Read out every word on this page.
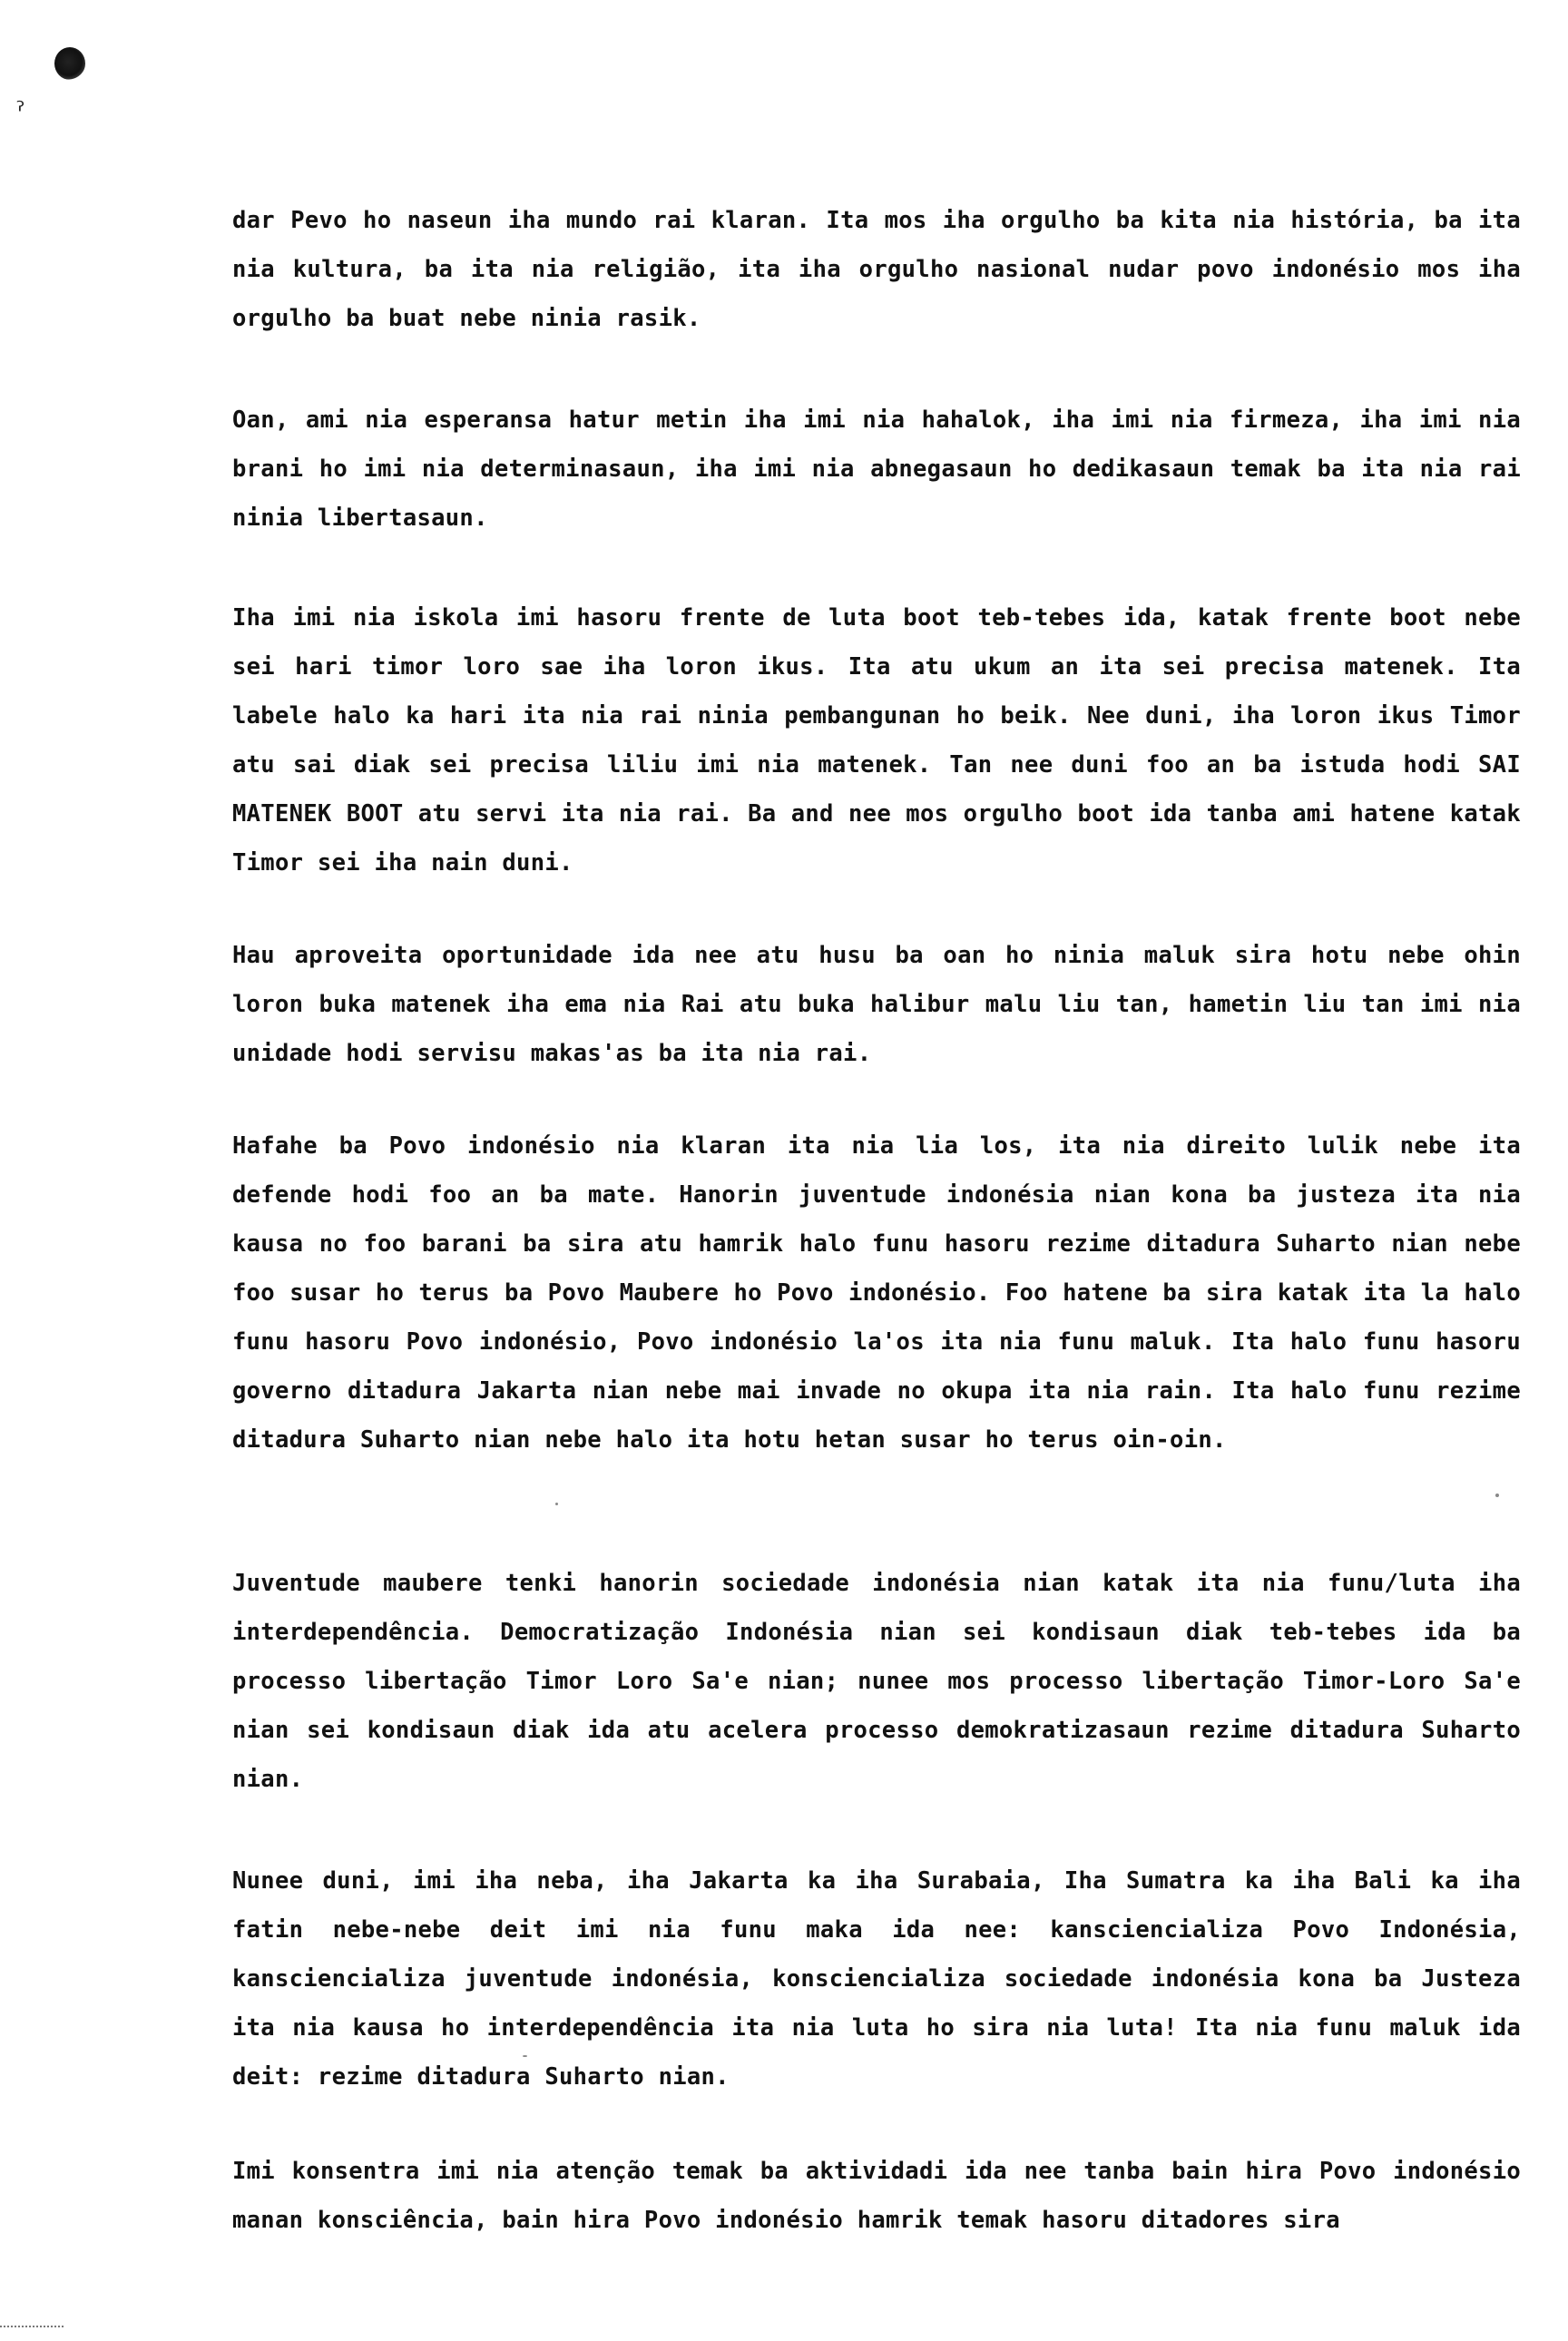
ˀ

dar Pevo ho naseun iha mundo rai klaran. Ita mos iha orgulho ba kita nia história, ba ita nia kultura, ba ita nia religião, ita iha orgulho nasional nudar povo indonésio mos iha orgulho ba buat nebe ninia rasik.

Oan, ami nia esperansa hatur metin iha imi nia hahalok, iha imi nia firmeza, iha imi nia brani ho imi nia determinasaun, iha imi nia abnegasaun ho dedikasaun temak ba ita nia rai ninia libertasaun.

Iha imi nia iskola imi hasoru frente de luta boot teb-tebes ida, katak frente boot nebe sei hari timor loro sae iha loron ikus. Ita atu ukum an ita sei precisa matenek. Ita labele halo ka hari ita nia rai ninia pembangunan ho beik. Nee duni, iha loron ikus Timor atu sai diak sei precisa liliu imi nia matenek. Tan nee duni foo an ba istuda hodi SAI MATENEK BOOT atu servi ita nia rai. Ba and nee mos orgulho boot ida tanba ami hatene katak Timor sei iha nain duni.

Hau aproveita oportunidade ida nee atu husu ba oan ho ninia maluk sira hotu nebe ohin loron buka matenek iha ema nia Rai atu buka halibur malu liu tan, hametin liu tan imi nia unidade hodi servisu makas'as ba ita nia rai.

Hafahe ba Povo indonésio nia klaran ita nia lia los, ita nia direito lulik nebe ita defende hodi foo an ba mate. Hanorin juventude indonésia nian kona ba justeza ita nia kausa no foo barani ba sira atu hamrik halo funu hasoru rezime ditadura Suharto nian nebe foo susar ho terus ba Povo Maubere ho Povo indonésio. Foo hatene ba sira katak ita la halo funu hasoru Povo indonésio, Povo indonésio la'os ita nia funu maluk. Ita halo funu hasoru governo ditadura Jakarta nian nebe mai invade no okupa ita nia rain. Ita halo funu rezime ditadura Suharto nian nebe halo ita hotu hetan susar ho terus oin-oin.

Juventude maubere tenki hanorin sociedade indonésia nian katak ita nia funu/luta iha interdependência. Democratização Indonésia nian sei kondisaun diak teb-tebes ida ba processo libertação Timor Loro Sa'e nian; nunee mos processo libertação Timor-Loro Sa'e nian sei kondisaun diak ida atu acelera processo demokratizasaun rezime ditadura Suharto nian.

Nunee duni, imi iha neba, iha Jakarta ka iha Surabaia, Iha Sumatra ka iha Bali ka iha fatin nebe-nebe deit imi nia funu maka ida nee: kansciencializa Povo Indonésia, kansciencializa juventude indonésia, konsciencializa sociedade indonésia kona ba Justeza ita nia kausa ho interdependência ita nia luta ho sira nia luta! Ita nia funu maluk ida deit: rezime ditadura Suharto nian.

Imi konsentra imi nia atenção temak ba aktividadi ida nee tanba bain hira Povo indonésio manan konsciência, bain hira Povo indonésio hamrik temak hasoru ditadores sira
